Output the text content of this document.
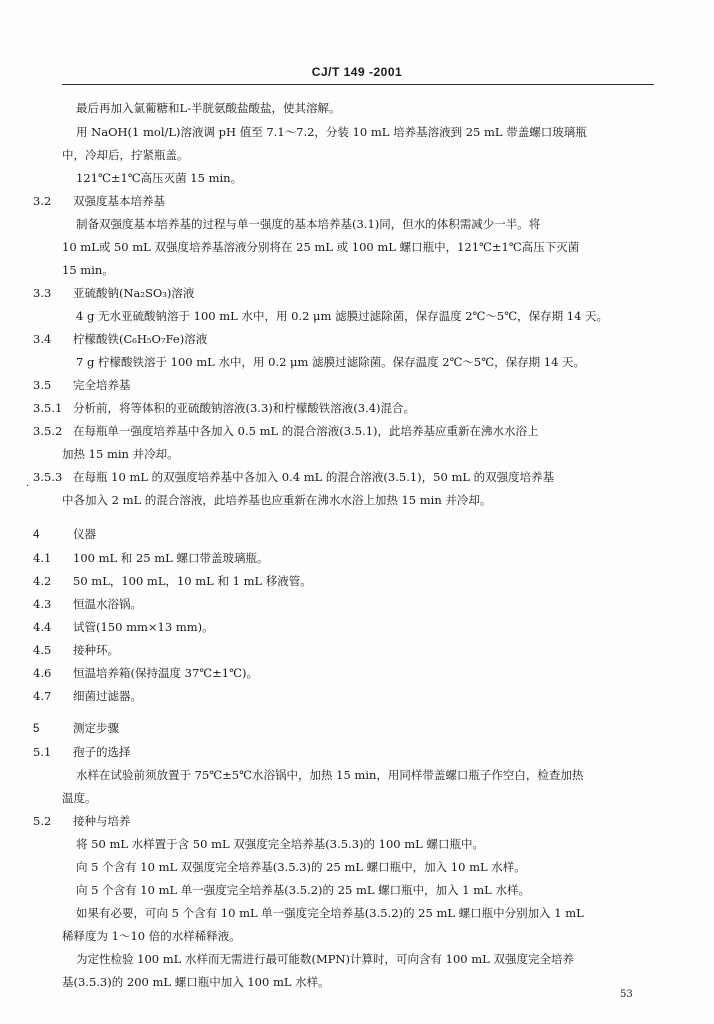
CJ/T 149 -2001
最后再加入氯葡糖和L-半胱氨酸盐酸盐，使其溶解。
用 NaOH(1 mol/L)溶液调 pH 值至 7.1～7.2，分装 10 mL 培养基溶液到 25 mL 带盖螺口玻璃瓶
中，冷却后，拧紧瓶盖。
121℃±1℃高压灭菌 15 min。
3.2 双强度基本培养基
制备双强度基本培养基的过程与单一强度的基本培养基(3.1)同，但水的体积需减少一半。将
10 mL或 50 mL 双强度培养基溶液分别将在 25 mL 或 100 mL 螺口瓶中，121℃±1℃高压下灭菌
15 min。
3.3 亚硫酸钠(Na₂SO₃)溶液
4 g 无水亚硫酸钠溶于 100 mL 水中，用 0.2 μm 滤膜过滤除菌，保存温度 2℃～5℃，保存期 14 天。
3.4 柠檬酸铁(C₆H₅O₇Fe)溶液
7 g 柠檬酸铁溶于 100 mL 水中，用 0.2 μm 滤膜过滤除菌。保存温度 2℃～5℃，保存期 14 天。
3.5 完全培养基
3.5.1 分析前，将等体积的亚硫酸钠溶液(3.3)和柠檬酸铁溶液(3.4)混合。
3.5.2 在每瓶单一强度培养基中各加入 0.5 mL 的混合溶液(3.5.1)，此培养基应重新在沸水水浴上
加热 15 min 并冷却。
3.5.3 在每瓶 10 mL 的双强度培养基中各加入 0.4 mL 的混合溶液(3.5.1)，50 mL 的双强度培养基
中各加入 2 mL 的混合溶液，此培养基也应重新在沸水水浴上加热 15 min 并冷却。
4	仪器
4.1 100 mL 和 25 mL 螺口带盖玻璃瓶。
4.2 50 mL，100 mL，10 mL 和 1 mL 移液管。
4.3 恒温水浴锅。
4.4 试管(150 mm×13 mm)。
4.5 接种环。
4.6 恒温培养箱(保持温度 37℃±1℃)。
4.7 细菌过滤器。
5	测定步骤
5.1 孢子的选择
水样在试验前须放置于 75℃±5℃水浴锅中，加热 15 min，用同样带盖螺口瓶子作空白，检查加热
温度。
5.2 接种与培养
将 50 mL 水样置于含 50 mL 双强度完全培养基(3.5.3)的 100 mL 螺口瓶中。
向 5 个含有 10 mL 双强度完全培养基(3.5.3)的 25 mL 螺口瓶中，加入 10 mL 水样。
向 5 个含有 10 mL 单一强度完全培养基(3.5.2)的 25 mL 螺口瓶中，加入 1 mL 水样。
如果有必要，可向 5 个含有 10 mL 单一强度完全培养基(3.5.2)的 25 mL 螺口瓶中分别加入 1 mL
稀释度为 1～10 倍的水样稀释液。
为定性检验 100 mL 水样而无需进行最可能数(MPN)计算时，可向含有 100 mL 双强度完全培养
基(3.5.3)的 200 mL 螺口瓶中加入 100 mL 水样。
·
53
